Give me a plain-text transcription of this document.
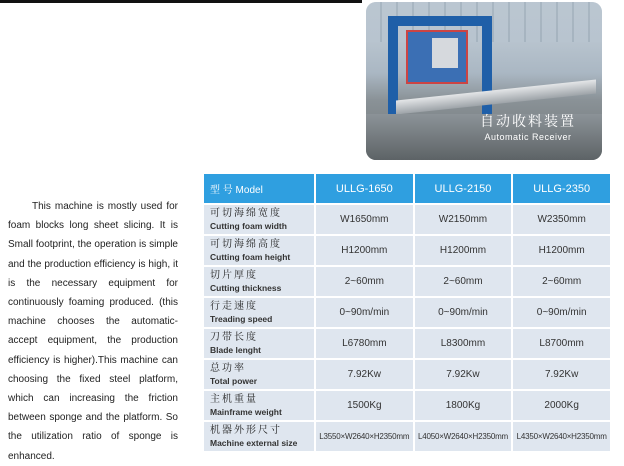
自动收料装置
Automatic Receiver

This machine is mostly used for foam blocks long sheet slicing. It is Small footprint, the operation is simple and the production efficiency is high, it is the necessary equipment for continuously foaming produced. (this machine chooses the automatic-accept equipment, the production efficiency is higher).This machine can choosing the fixed steel platform, which can increasing the friction between sponge and the platform. So the utilization ratio of sponge is enhanced.

型 号 Model	ULLG-1650	ULLG-2150	ULLG-2350

可切海绵宽度
Cutting foam width	W1650mm	W2150mm	W2350mm

可切海绵高度
Cutting foam height	H1200mm	H1200mm	H1200mm

切片厚度
Cutting thickness	2~60mm	2~60mm	2~60mm

行走速度
Treading speed	0~90m/min	0~90m/min	0~90m/min

刀带长度
Blade lenght	L6780mm	L8300mm	L8700mm

总功率
Total power	7.92Kw	7.92Kw	7.92Kw

主机重量
Mainframe weight	1500Kg	1800Kg	2000Kg

机器外形尺寸
Machine external size	L3550×W2640×H2350mm	L4050×W2640×H2350mm	L4350×W2640×H2350mm
